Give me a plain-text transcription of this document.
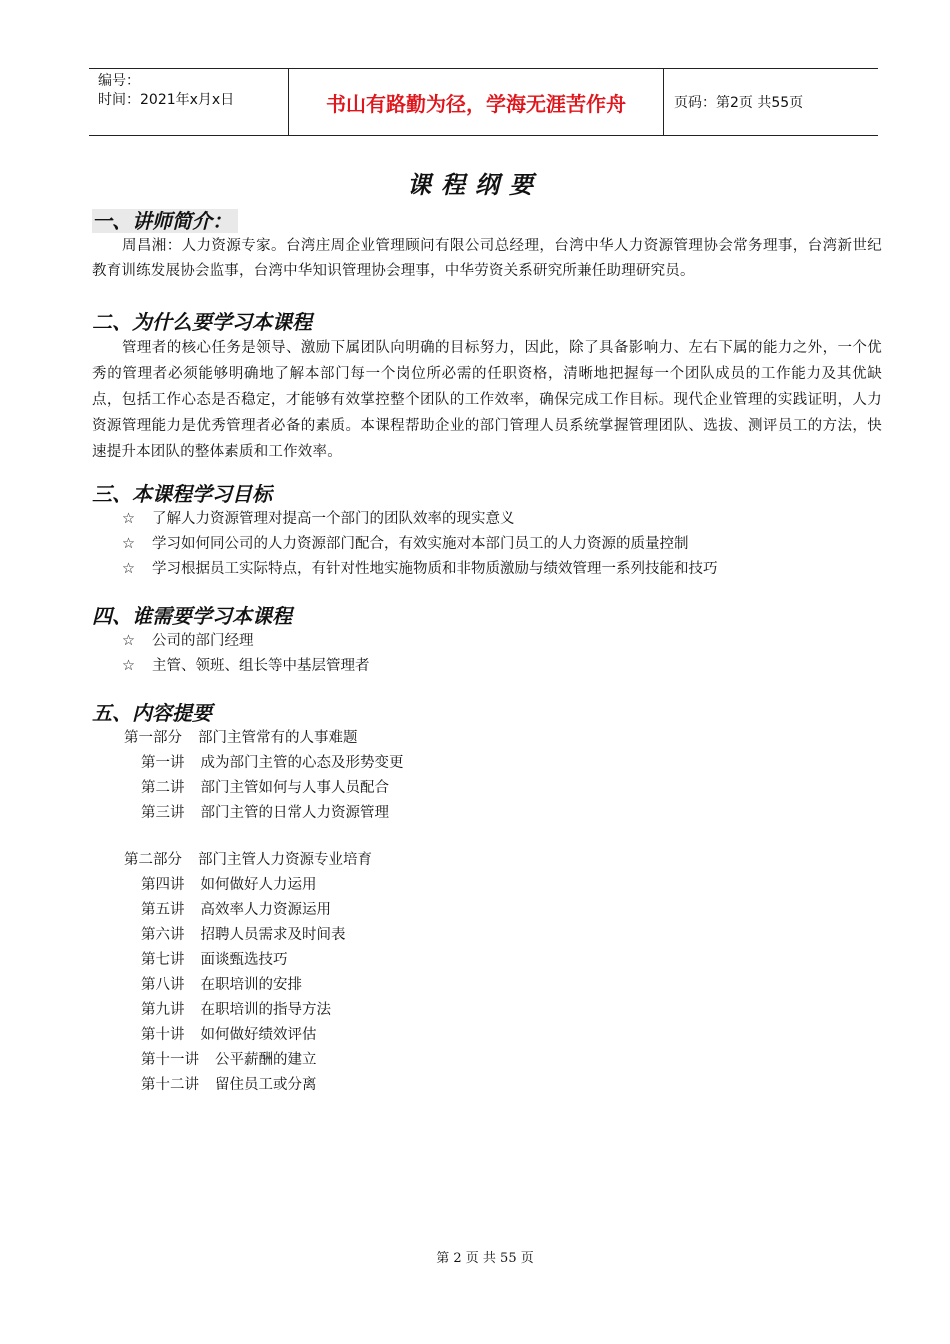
编号：
时间：2021年x月x日	书山有路勤为径，学海无涯苦作舟	页码：第2页 共55页
课程纲要
一、讲师简介：

周昌湘：人力资源专家。台湾庄周企业管理顾问有限公司总经理，台湾中华人力资源管理协会常务理事，台湾新世纪教育训练发展协会监事，台湾中华知识管理协会理事，中华劳资关系研究所兼任助理研究员。

二、为什么要学习本课程

管理者的核心任务是领导、激励下属团队向明确的目标努力，因此，除了具备影响力、左右下属的能力之外，一个优秀的管理者必须能够明确地了解本部门每一个岗位所必需的任职资格，清晰地把握每一个团队成员的工作能力及其优缺点，包括工作心态是否稳定，才能够有效掌控整个团队的工作效率，确保完成工作目标。现代企业管理的实践证明，人力资源管理能力是优秀管理者必备的素质。本课程帮助企业的部门管理人员系统掌握管理团队、选拔、测评员工的方法，快速提升本团队的整体素质和工作效率。

三、本课程学习目标
☆ 了解人力资源管理对提高一个部门的团队效率的现实意义
☆ 学习如何同公司的人力资源部门配合，有效实施对本部门员工的人力资源的质量控制
☆ 学习根据员工实际特点，有针对性地实施物质和非物质激励与绩效管理一系列技能和技巧
四、谁需要学习本课程
☆ 公司的部门经理
☆ 主管、领班、组长等中基层管理者
五、内容提要
第一部分 部门主管常有的人事难题
第一讲 成为部门主管的心态及形势变更
第二讲 部门主管如何与人事人员配合
第三讲 部门主管的日常人力资源管理
第二部分 部门主管人力资源专业培育
第四讲 如何做好人力运用
第五讲 高效率人力资源运用
第六讲 招聘人员需求及时间表
第七讲 面谈甄选技巧
第八讲 在职培训的安排
第九讲 在职培训的指导方法
第十讲 如何做好绩效评估
第十一讲 公平薪酬的建立
第十二讲 留住员工或分离
第 2 页 共 55 页
